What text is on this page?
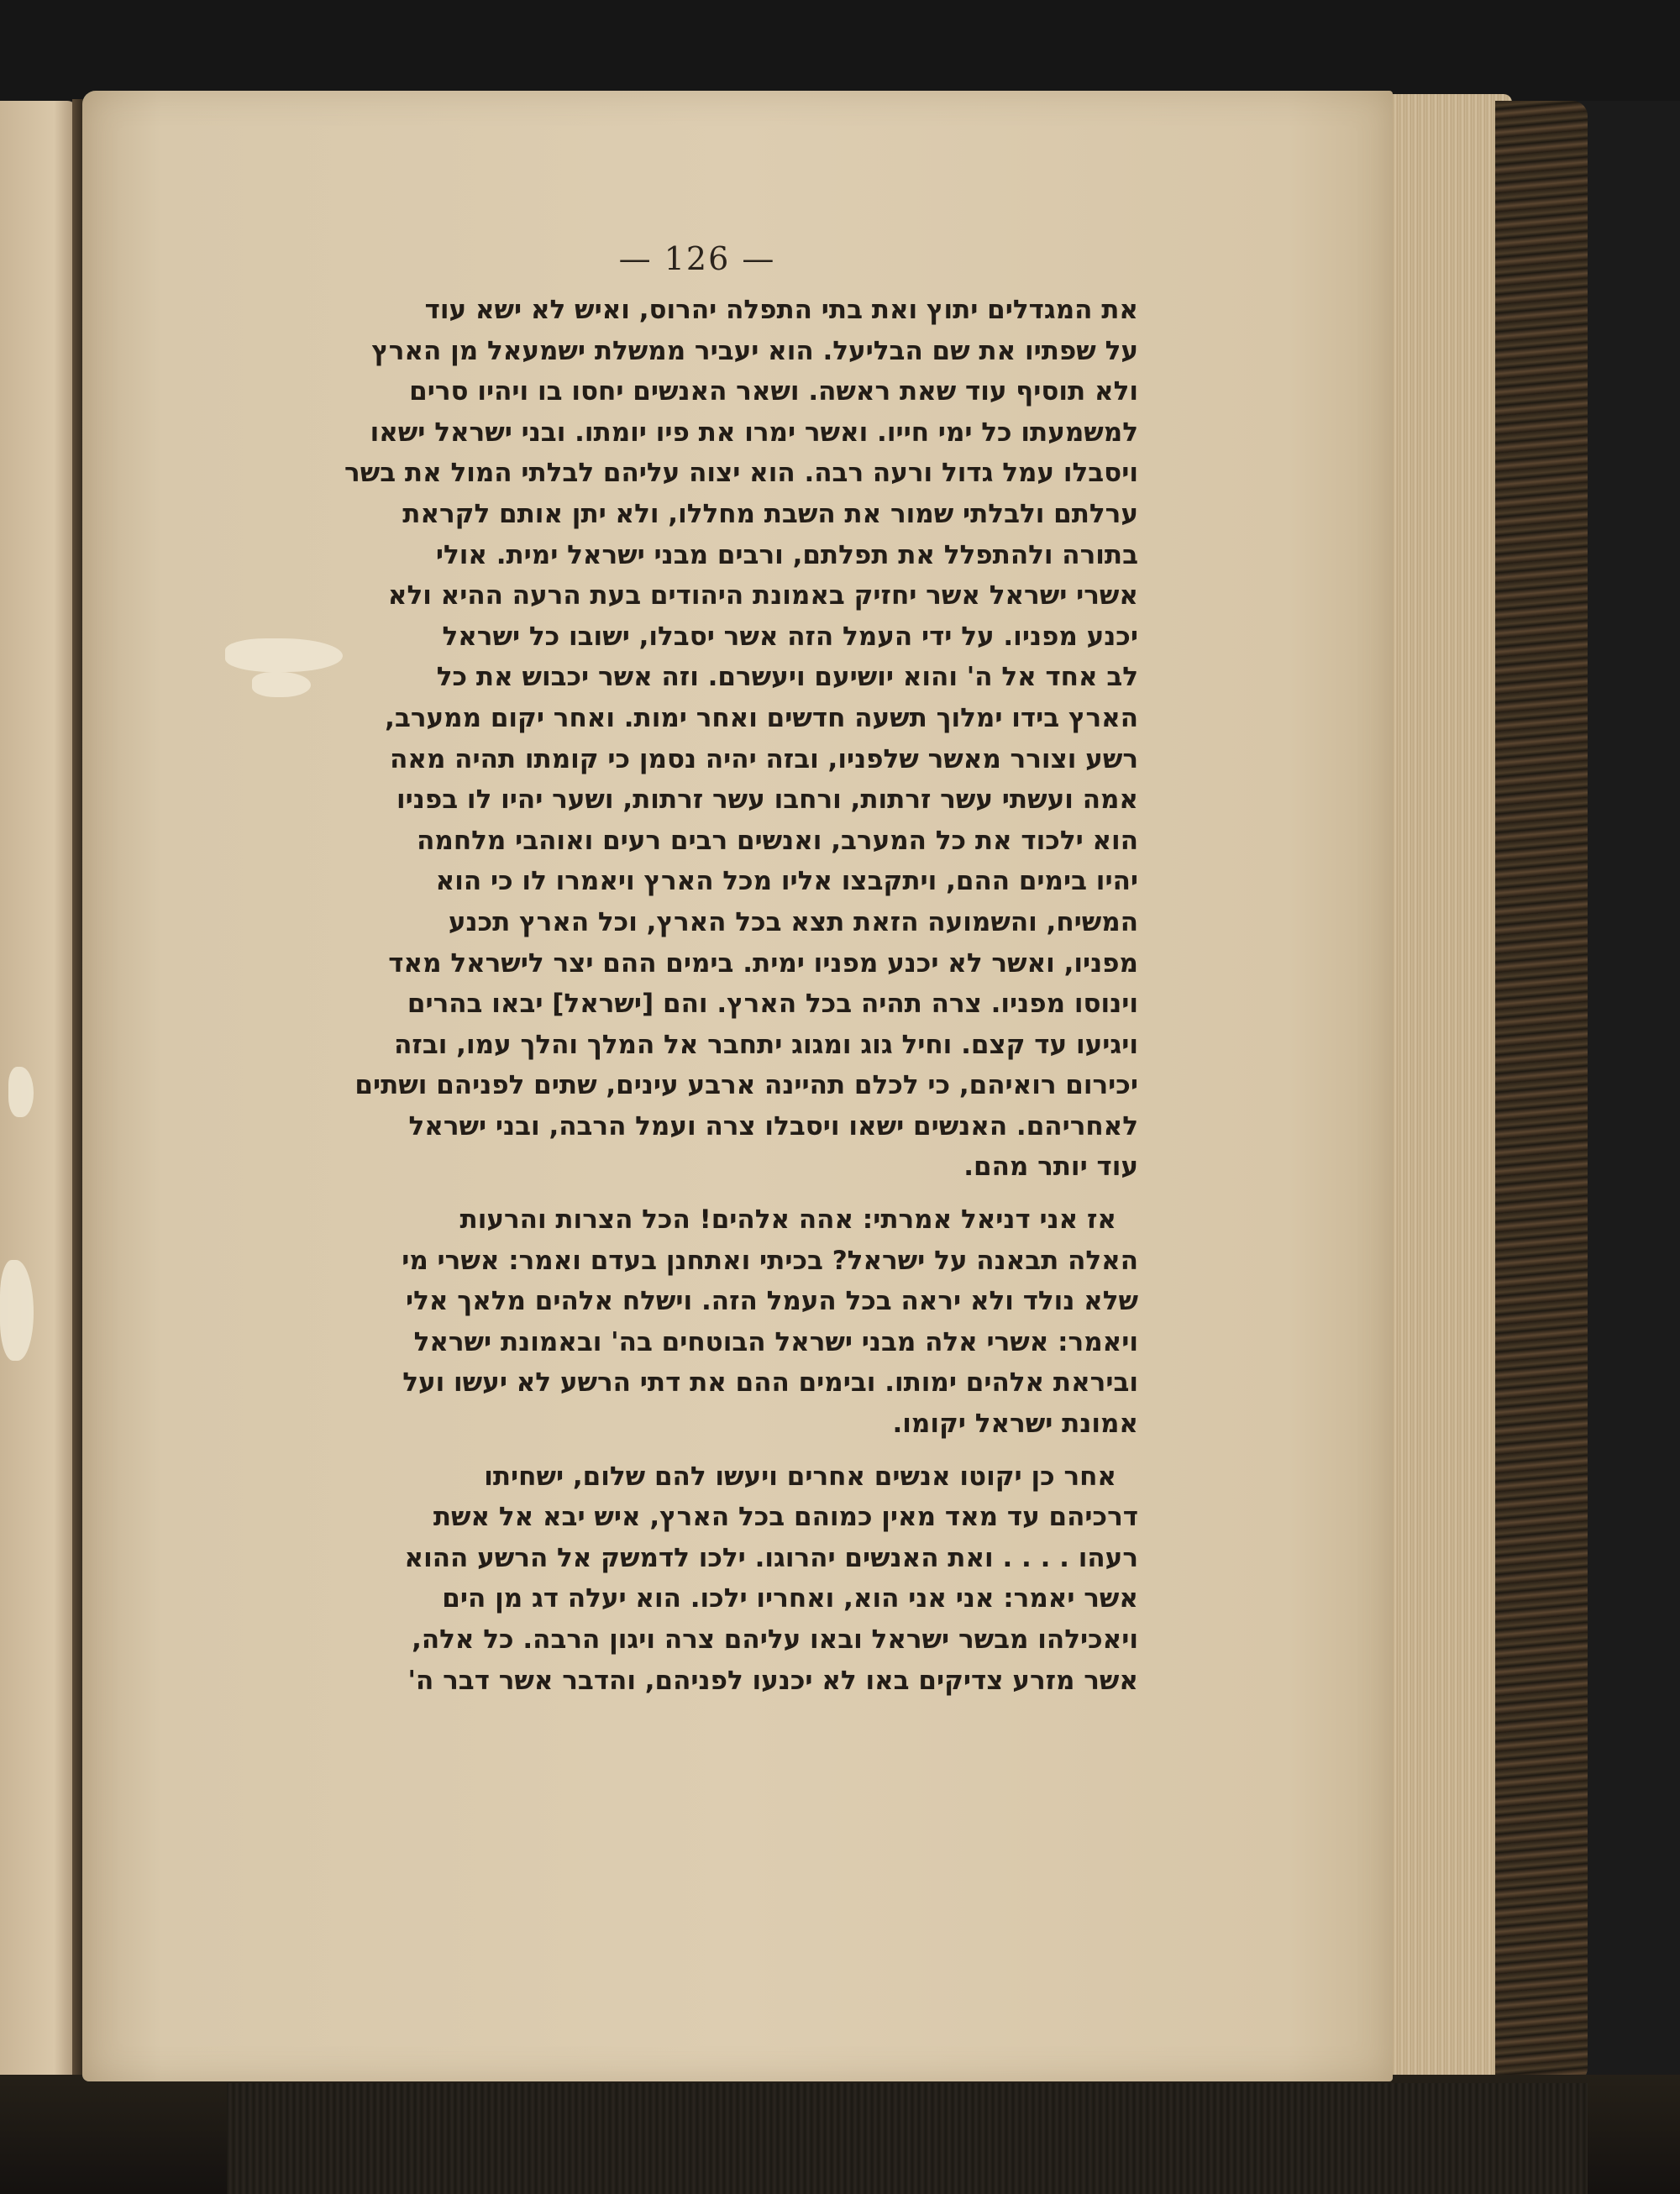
— 126 —
את המגדלים יתוץ ואת בתי התפלה יהרוס, ואיש לא ישא עוד
על שפתיו את שם הבליעל. הוא יעביר ממשלת ישמעאל מן הארץ
ולא תוסיף עוד שאת ראשה. ושאר האנשים יחסו בו ויהיו סרים
למשמעתו כל ימי חייו. ואשר ימרו את פיו יומתו. ובני ישראל ישאו
ויסבלו עמל גדול ורעה רבה. הוא יצוה עליהם לבלתי המול את בשר
ערלתם ולבלתי שמור את השבת מחללו, ולא יתן אותם לקראת
בתורה ולהתפלל את תפלתם, ורבים מבני ישראל ימית. אולי
אשרי ישראל אשר יחזיק באמונת היהודים בעת הרעה ההיא ולא
יכנע מפניו. על ידי העמל הזה אשר יסבלו, ישובו כל ישראל
לב אחד אל ה' והוא יושיעם ויעשרם. וזה אשר יכבוש את כל
הארץ בידו ימלוך תשעה חדשים ואחר ימות. ואחר יקום ממערב,
רשע וצורר מאשר שלפניו, ובזה יהיה נסמן כי קומתו תהיה מאה
אמה ועשתי עשר זרתות, ורחבו עשר זרתות, ושער יהיו לו בפניו
הוא ילכוד את כל המערב, ואנשים רבים רעים ואוהבי מלחמה
יהיו בימים ההם, ויתקבצו אליו מכל הארץ ויאמרו לו כי הוא
המשיח, והשמועה הזאת תצא בכל הארץ, וכל הארץ תכנע
מפניו, ואשר לא יכנע מפניו ימית. בימים ההם יצר לישראל מאד
וינוסו מפניו. צרה תהיה בכל הארץ. והם [ישראל] יבאו בהרים
ויגיעו עד קצם. וחיל גוג ומגוג יתחבר אל המלך והלך עמו, ובזה
יכירום רואיהם, כי לכלם תהיינה ארבע עינים, שתים לפניהם ושתים
לאחריהם. האנשים ישאו ויסבלו צרה ועמל הרבה, ובני ישראל
עוד יותר מהם.
אז אני דניאל אמרתי: אהה אלהים! הכל הצרות והרעות
האלה תבאנה על ישראל? בכיתי ואתחנן בעדם ואמר: אשרי מי
שלא נולד ולא יראה בכל העמל הזה. וישלח אלהים מלאך אלי
ויאמר: אשרי אלה מבני ישראל הבוטחים בה' ובאמונת ישראל
וביראת אלהים ימותו. ובימים ההם את דתי הרשע לא יעשו ועל
אמונת ישראל יקומו.
אחר כן יקוטו אנשים אחרים ויעשו להם שלום, ישחיתו
דרכיהם עד מאד מאין כמוהם בכל הארץ, איש יבא אל אשת
רעהו . . . . ואת האנשים יהרוגו. ילכו לדמשק אל הרשע ההוא
אשר יאמר: אני אני הוא, ואחריו ילכו. הוא יעלה דג מן הים
ויאכילהו מבשר ישראל ובאו עליהם צרה ויגון הרבה. כל אלה,
אשר מזרע צדיקים באו לא יכנעו לפניהם, והדבר אשר דבר ה'
